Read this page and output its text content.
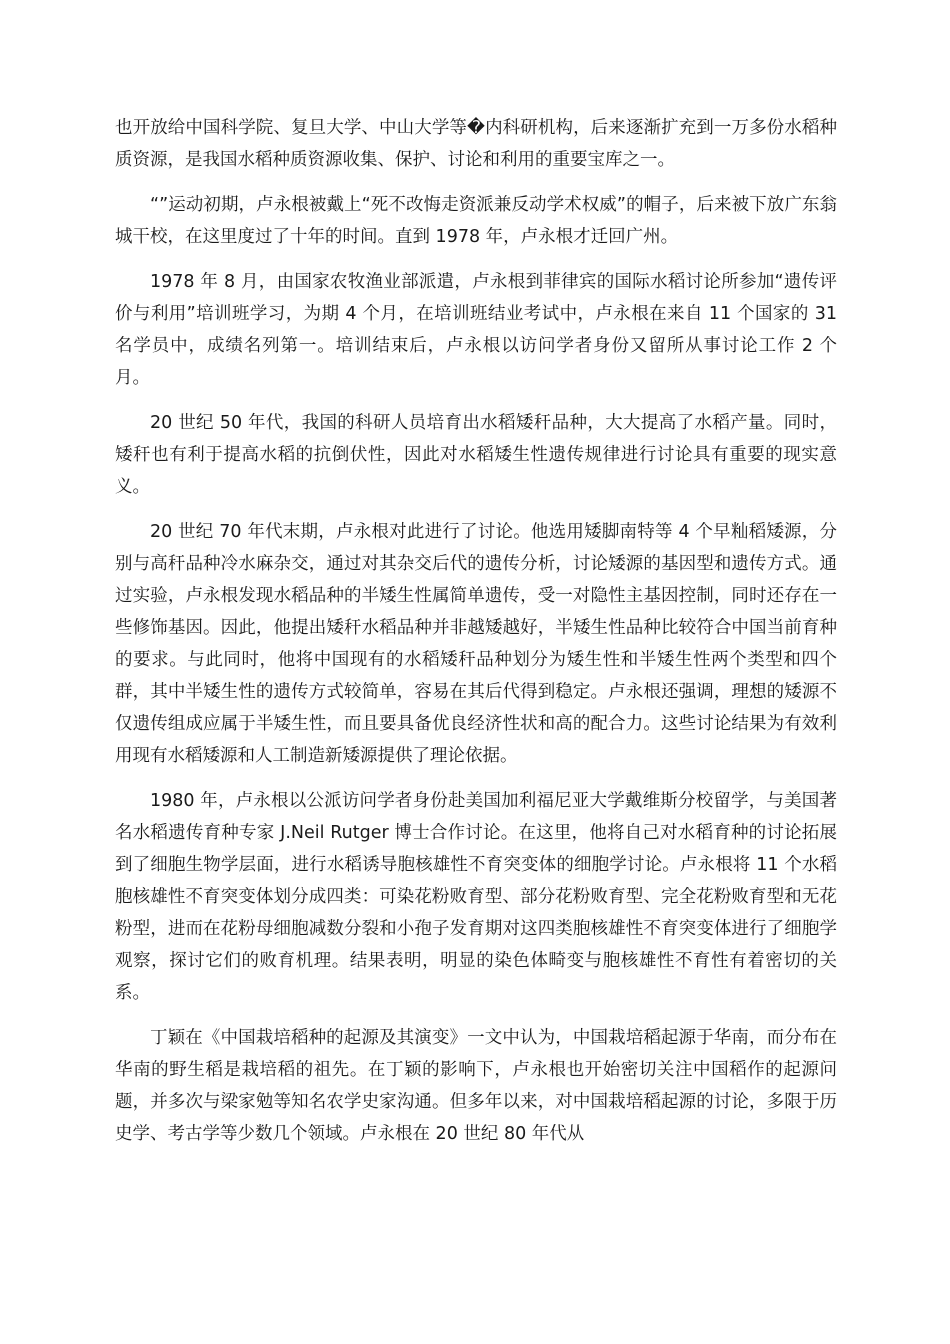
也开放给中国科学院、复旦大学、中山大学等�内科研机构，后来逐渐扩充到一万多份水稻种质资源，是我国水稻种质资源收集、保护、讨论和利用的重要宝库之一。

“”运动初期，卢永根被戴上“死不改悔走资派兼反动学术权威”的帽子，后来被下放广东翁城干校，在这里度过了十年的时间。直到 1978 年，卢永根才迁回广州。

1978 年 8 月，由国家农牧渔业部派遣，卢永根到菲律宾的国际水稻讨论所参加“遗传评价与利用”培训班学习，为期 4 个月，在培训班结业考试中，卢永根在来自 11 个国家的 31 名学员中，成绩名列第一。培训结束后，卢永根以访问学者身份又留所从事讨论工作 2 个月。

20 世纪 50 年代，我国的科研人员培育出水稻矮秆品种，大大提高了水稻产量。同时，矮秆也有利于提高水稻的抗倒伏性，因此对水稻矮生性遗传规律进行讨论具有重要的现实意义。

20 世纪 70 年代末期，卢永根对此进行了讨论。他选用矮脚南特等 4 个早籼稻矮源，分别与高秆品种冷水麻杂交，通过对其杂交后代的遗传分析，讨论矮源的基因型和遗传方式。通过实验，卢永根发现水稻品种的半矮生性属简单遗传，受一对隐性主基因控制，同时还存在一些修饰基因。因此，他提出矮秆水稻品种并非越矮越好，半矮生性品种比较符合中国当前育种的要求。与此同时，他将中国现有的水稻矮秆品种划分为矮生性和半矮生性两个类型和四个群，其中半矮生性的遗传方式较简单，容易在其后代得到稳定。卢永根还强调，理想的矮源不仅遗传组成应属于半矮生性，而且要具备优良经济性状和高的配合力。这些讨论结果为有效利用现有水稻矮源和人工制造新矮源提供了理论依据。

1980 年，卢永根以公派访问学者身份赴美国加利福尼亚大学戴维斯分校留学，与美国著名水稻遗传育种专家 J.Neil Rutger 博士合作讨论。在这里，他将自己对水稻育种的讨论拓展到了细胞生物学层面，进行水稻诱导胞核雄性不育突变体的细胞学讨论。卢永根将 11 个水稻胞核雄性不育突变体划分成四类：可染花粉败育型、部分花粉败育型、完全花粉败育型和无花粉型，进而在花粉母细胞减数分裂和小孢子发育期对这四类胞核雄性不育突变体进行了细胞学观察，探讨它们的败育机理。结果表明，明显的染色体畸变与胞核雄性不育性有着密切的关系。

丁颖在《中国栽培稻种的起源及其演变》一文中认为，中国栽培稻起源于华南，而分布在华南的野生稻是栽培稻的祖先。在丁颖的影响下，卢永根也开始密切关注中国稻作的起源问题，并多次与梁家勉等知名农学史家沟通。但多年以来，对中国栽培稻起源的讨论，多限于历史学、考古学等少数几个领域。卢永根在 20 世纪 80 年代从
